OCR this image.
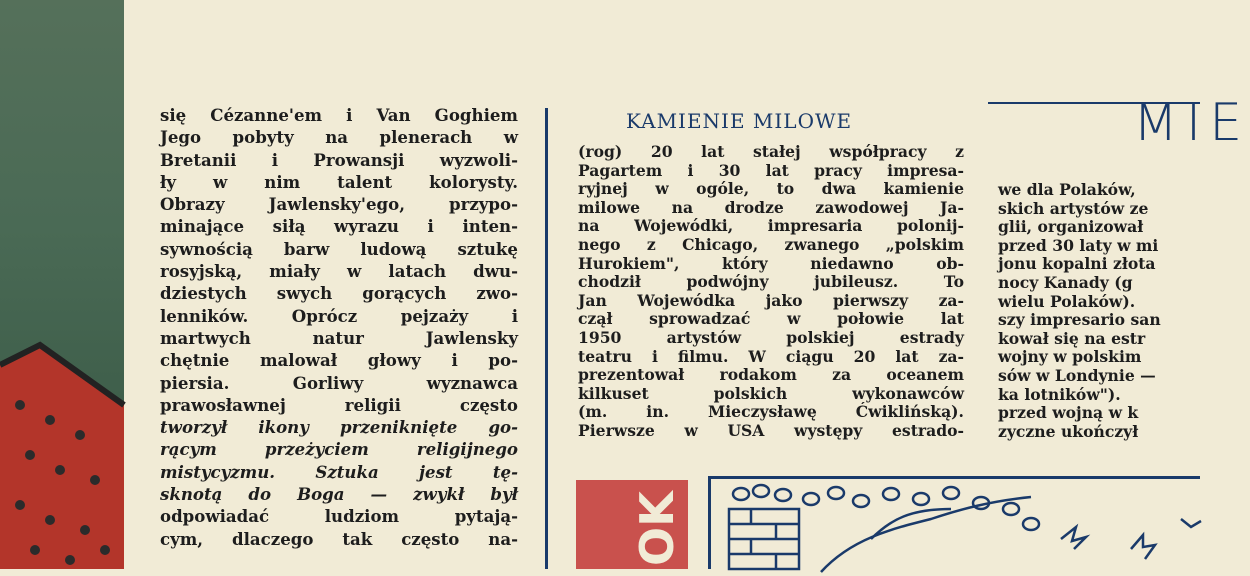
się Cézanne'em i Van Goghiem
Jego pobyty na plenerach w
Bretanii i Prowansji wyzwoli-
ły w nim talent kolorysty.
Obrazy Jawlensky'ego, przypo-
minające siłą wyrazu i inten-
sywnością barw ludową sztukę
rosyjską, miały w latach dwu-
dziestych swych gorących zwo-
lenników. Oprócz pejzaży i
martwych natur Jawlensky
chętnie malował głowy i po-
piersia. Gorliwy wyznawca
prawosławnej religii często
tworzył ikony przeniknięte go-
rącym przeżyciem religijnego
mistycyzmu. Sztuka jest tę-
sknotą do Boga — zwykł był
odpowiadać ludziom pytają-
cym, dlaczego tak często na-
KAMIENIE MILOWE
(rog) 20 lat stałej współpracy z
Pagartem i 30 lat pracy impresa-
ryjnej w ogóle, to dwa kamienie
milowe na drodze zawodowej Ja-
na Wojewódki, impresaria polonij-
nego z Chicago, zwanego „polskim
Hurokiem", który niedawno ob-
chodził podwójny jubileusz. To
Jan Wojewódka jako pierwszy za-
czął sprowadzać w połowie lat
1950 artystów polskiej estrady
teatru i filmu. W ciągu 20 lat za-
prezentował rodakom za oceanem
kilkuset polskich wykonawców
(m. in. Mieczysławę Ćwiklińską).
Pierwsze w USA występy estrado-
MIE
we dla Polaków,
skich artystów ze
glii, organizował
przed 30 laty w mi
jonu kopalni złota
nocy Kanady (g
wielu Polaków).
szy impresario san
kował się na estr
wojny w polskim
sów w Londynie —
ka lotników").
przed wojną w k
zyczne ukończył
OK
